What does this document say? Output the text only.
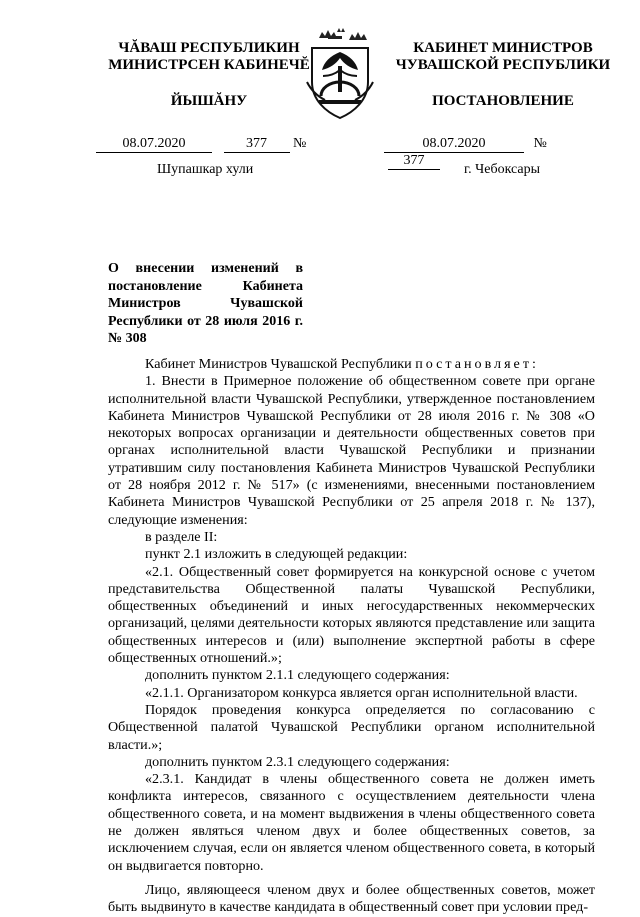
ЧĂВАШ РЕСПУБЛИКИН
МИНИСТРСЕН КАБИНЕЧĔ
ЙЫШĂНУ
КАБИНЕТ МИНИСТРОВ
ЧУВАШСКОЙ РЕСПУБЛИКИ
ПОСТАНОВЛЕНИЕ
08.07.2020	377 №	08.07.2020	№ 377
Шупашкар хули	г. Чебоксары
О внесении изменений в постановление Кабинета Министров Чувашской Республики от 28 июля 2016 г. № 308

Кабинет Министров Чувашской Республики постановляет:

1. Внести в Примерное положение об общественном совете при органе исполнительной власти Чувашской Республики, утвержденное постановлением Кабинета Министров Чувашской Республики от 28 июля 2016 г. № 308 «О некоторых вопросах организации и деятельности общественных советов при органах исполнительной власти Чувашской Республики и признании утратившим силу постановления Кабинета Министров Чувашской Республики от 28 ноября 2012 г. № 517» (с изменениями, внесенными постановлением Кабинета Министров Чувашской Республики от 25 апреля 2018 г. № 137), следующие изменения:

в разделе II:

пункт 2.1 изложить в следующей редакции:

«2.1. Общественный совет формируется на конкурсной основе с учетом представительства Общественной палаты Чувашской Республики, общественных объединений и иных негосударственных некоммерческих организаций, целями деятельности которых являются представление или защита общественных интересов и (или) выполнение экспертной работы в сфере общественных отношений.»;

дополнить пунктом 2.1.1 следующего содержания:

«2.1.1. Организатором конкурса является орган исполнительной власти.

Порядок проведения конкурса определяется по согласованию с Общественной палатой Чувашской Республики органом исполнительной власти.»;

дополнить пунктом 2.3.1 следующего содержания:

«2.3.1. Кандидат в члены общественного совета не должен иметь конфликта интересов, связанного с осуществлением деятельности члена общественного совета, и на момент выдвижения в члены общественного совета не должен являться членом двух и более общественных советов, за исключением случая, если он является членом общественного совета, в который он выдвигается повторно.

Лицо, являющееся членом двух и более общественных советов, может быть выдвинуто в качестве кандидата в общественный совет при условии пред-
